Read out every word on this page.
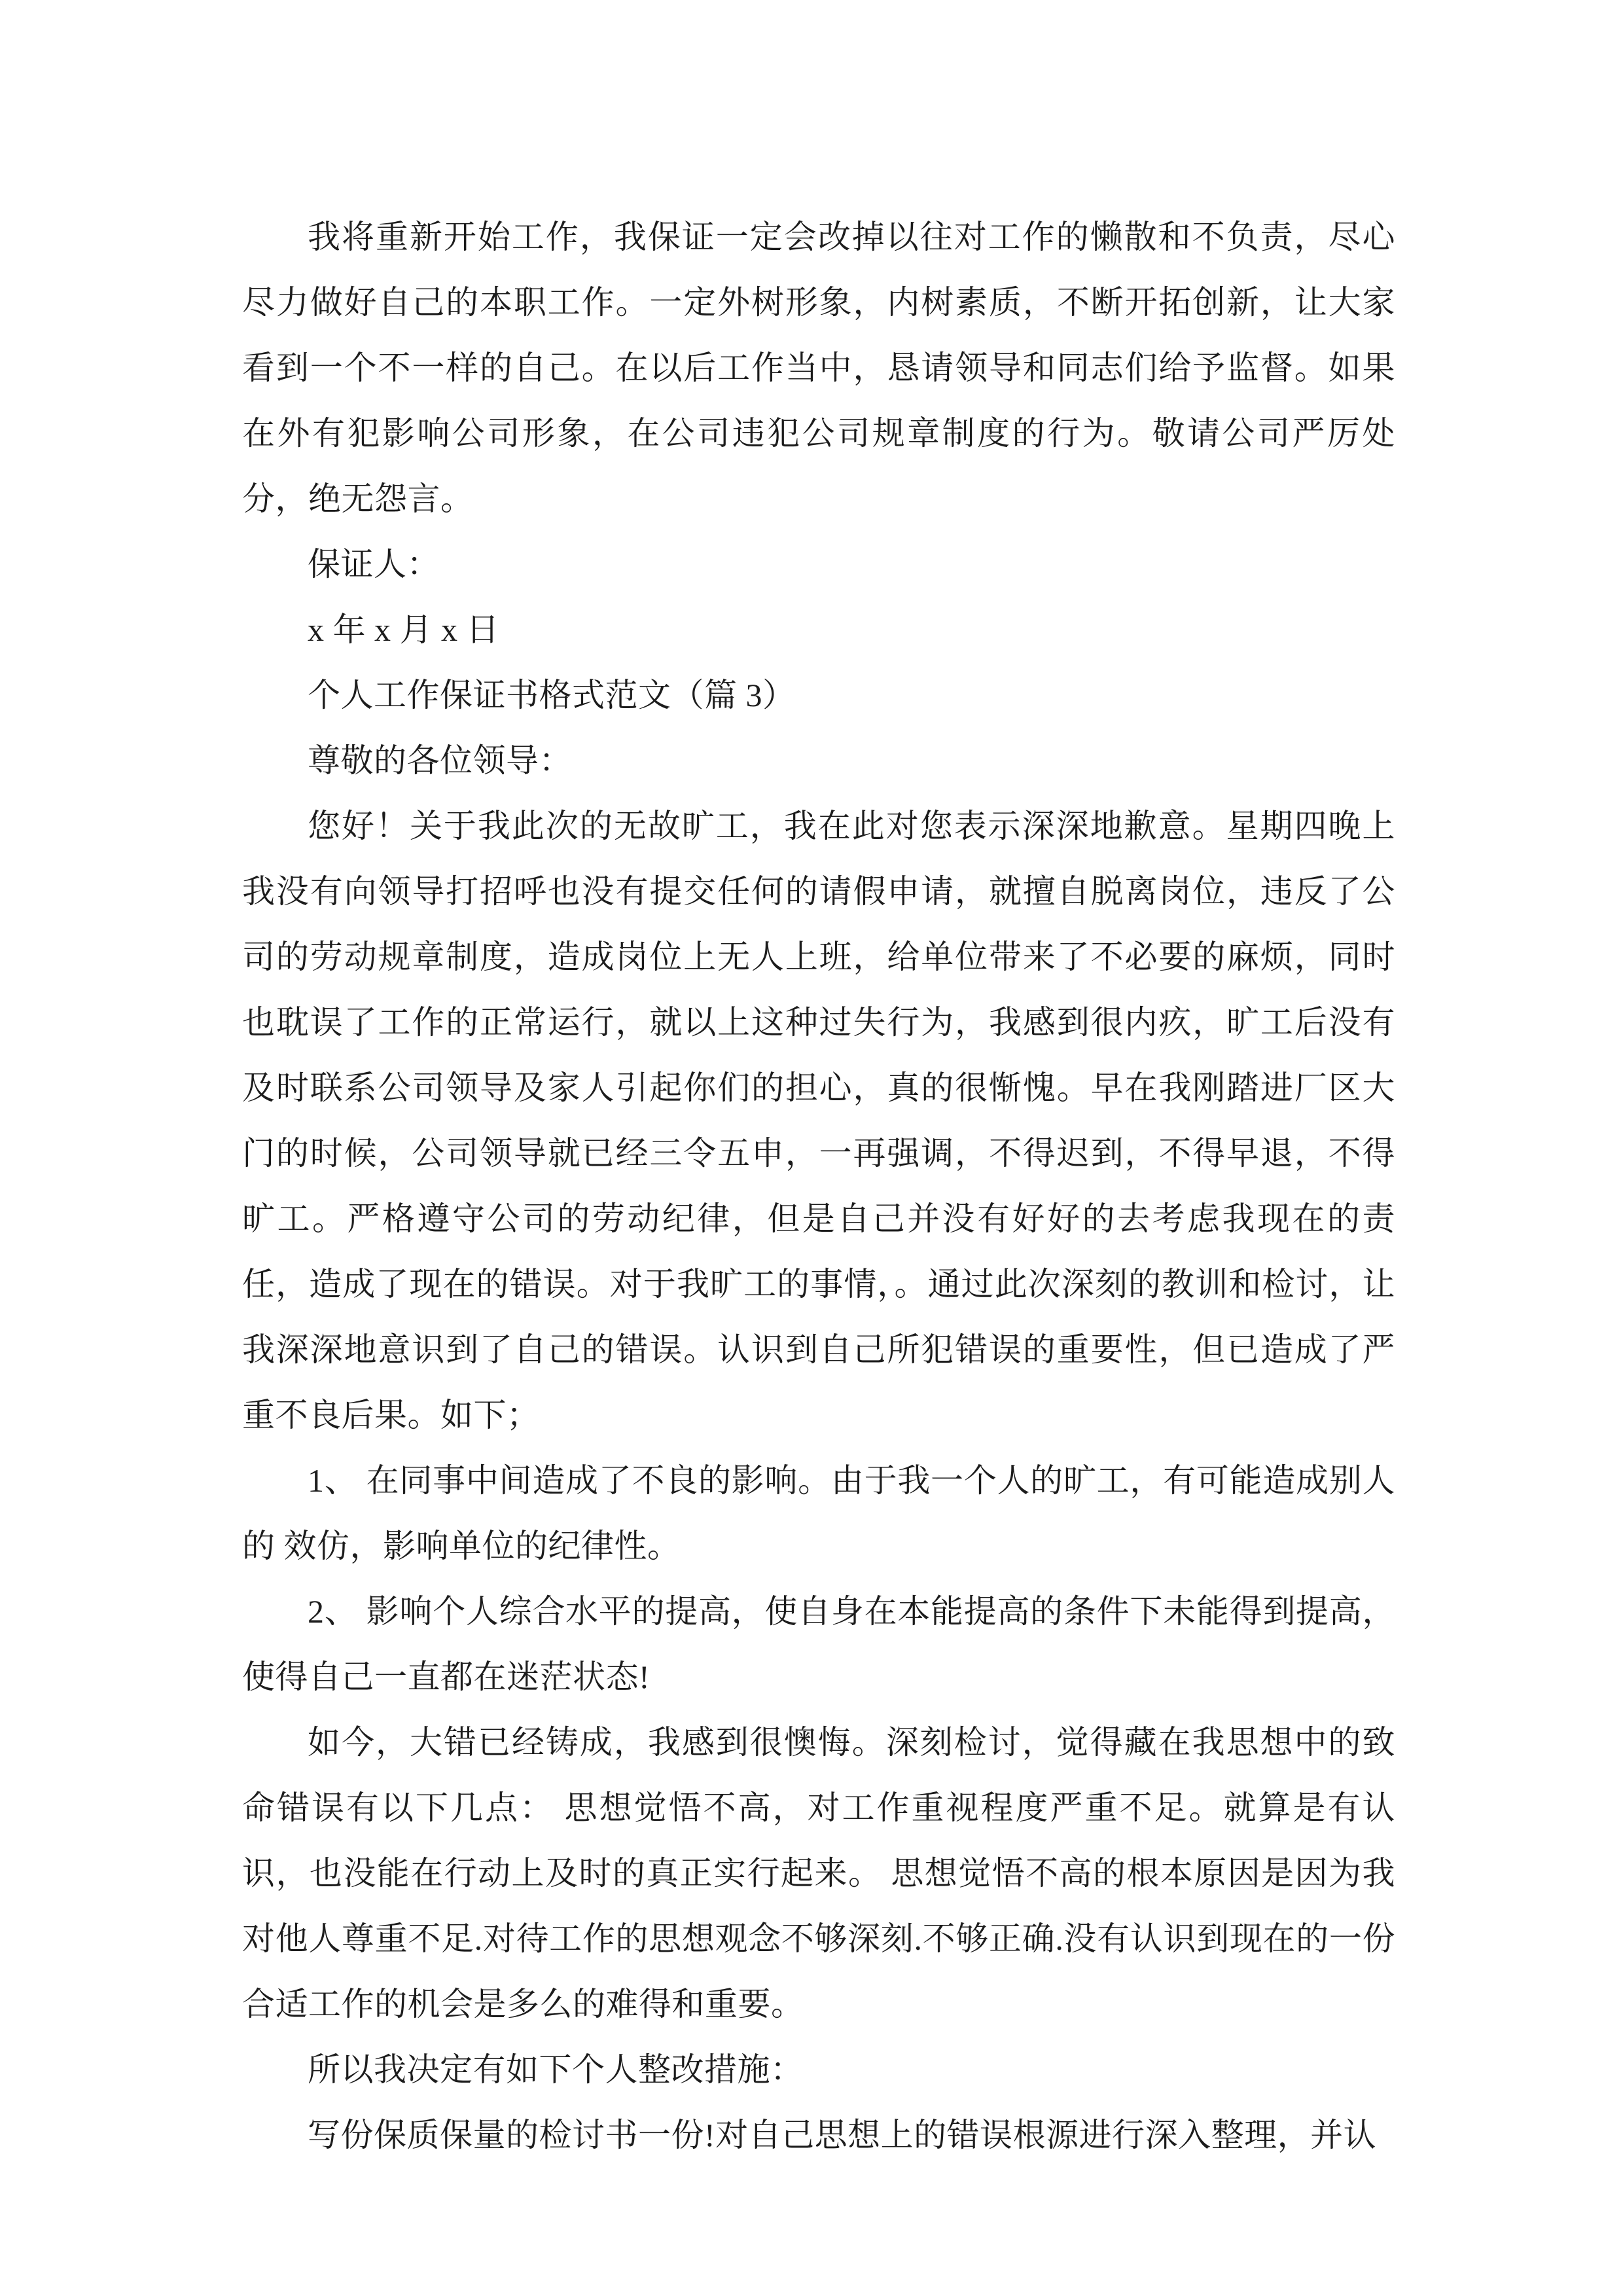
我将重新开始工作，我保证一定会改掉以往对工作的懒散和不负责，尽心尽力做好自己的本职工作。一定外树形象，内树素质，不断开拓创新，让大家看到一个不一样的自己。在以后工作当中，恳请领导和同志们给予监督。如果在外有犯影响公司形象，在公司违犯公司规章制度的行为。敬请公司严厉处分，绝无怨言。

保证人：

x 年 x 月 x 日

个人工作保证书格式范文（篇 3）

尊敬的各位领导：

您好！关于我此次的无故旷工，我在此对您表示深深地歉意。星期四晚上我没有向领导打招呼也没有提交任何的请假申请，就擅自脱离岗位，违反了公司的劳动规章制度，造成岗位上无人上班，给单位带来了不必要的麻烦，同时也耽误了工作的正常运行，就以上这种过失行为，我感到很内疚，旷工后没有及时联系公司领导及家人引起你们的担心，真的很惭愧。早在我刚踏进厂区大门的时候，公司领导就已经三令五申，一再强调，不得迟到，不得早退，不得旷工。严格遵守公司的劳动纪律，但是自己并没有好好的去考虑我现在的责任，造成了现在的错误。对于我旷工的事情，。通过此次深刻的教训和检讨，让我深深地意识到了自己的错误。认识到自己所犯错误的重要性，但已造成了严重不良后果。如下；

1、 在同事中间造成了不良的影响。由于我一个人的旷工，有可能造成别人的 效仿，影响单位的纪律性。

2、 影响个人综合水平的提高，使自身在本能提高的条件下未能得到提高，使得自己一直都在迷茫状态!

如今，大错已经铸成，我感到很懊悔。深刻检讨，觉得藏在我思想中的致命错误有以下几点： 思想觉悟不高，对工作重视程度严重不足。就算是有认识，也没能在行动上及时的真正实行起来。 思想觉悟不高的根本原因是因为我对他人尊重不足.对待工作的思想观念不够深刻.不够正确.没有认识到现在的一份合适工作的机会是多么的难得和重要。

所以我决定有如下个人整改措施：

写份保质保量的检讨书一份!对自己思想上的错误根源进行深入整理，并认
